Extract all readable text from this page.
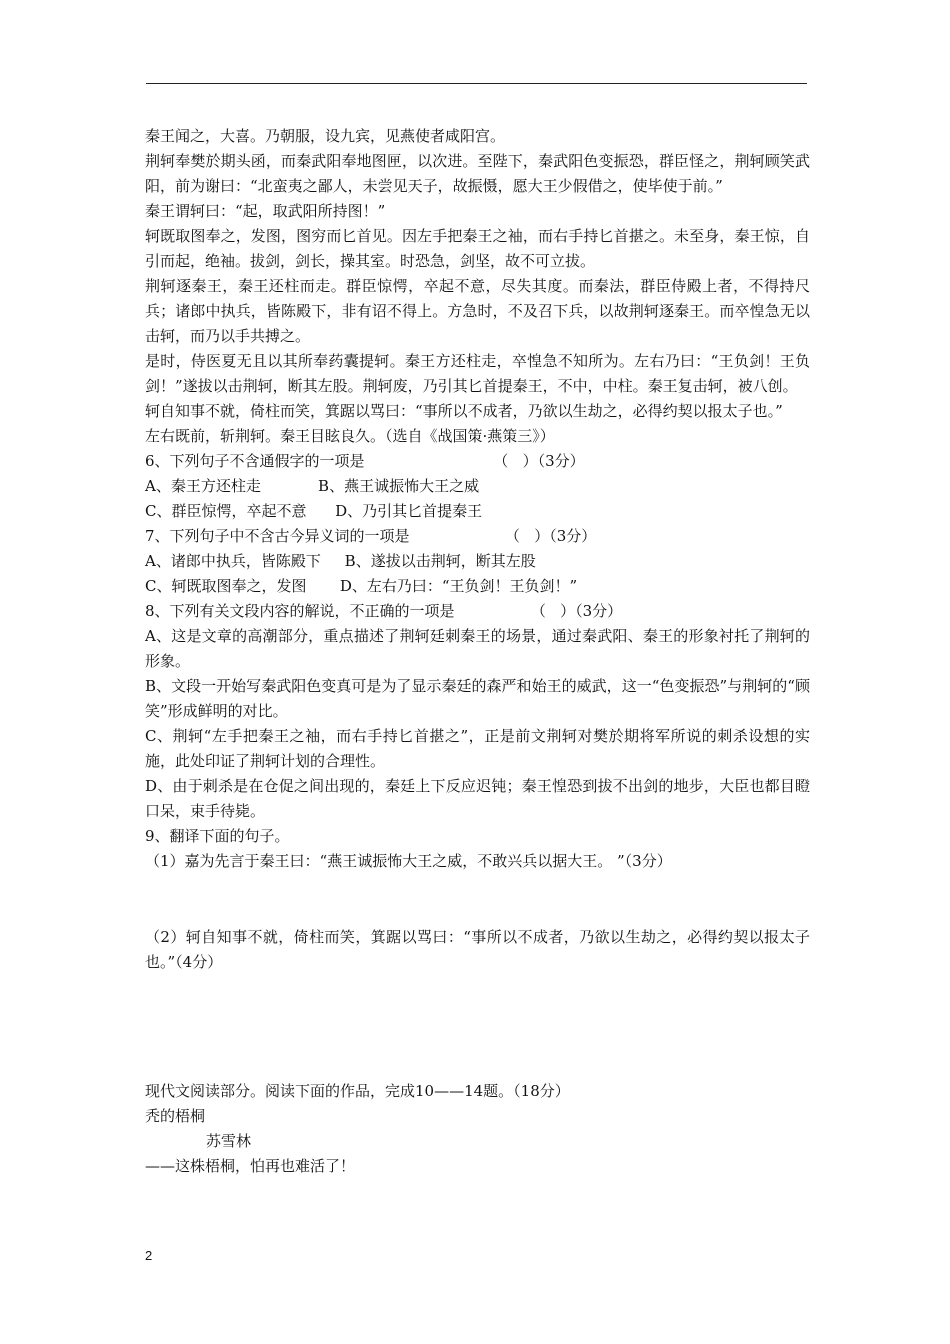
秦王闻之，大喜。乃朝服，设九宾，见燕使者咸阳宫。

荆轲奉樊於期头函，而秦武阳奉地图匣，以次进。至陛下，秦武阳色变振恐，群臣怪之，荆轲顾笑武阳，前为谢曰：“北蛮夷之鄙人，未尝见天子，故振慑，愿大王少假借之，使毕使于前。”

秦王谓轲曰：“起，取武阳所持图！”

轲既取图奉之，发图，图穷而匕首见。因左手把秦王之袖，而右手持匕首揕之。未至身，秦王惊，自引而起，绝袖。拔剑，剑长，操其室。时恐急，剑坚，故不可立拔。

荆轲逐秦王，秦王还柱而走。群臣惊愕，卒起不意，尽失其度。而秦法，群臣侍殿上者，不得持尺兵；诸郎中执兵，皆陈殿下，非有诏不得上。方急时，不及召下兵，以故荆轲逐秦王。而卒惶急无以击轲，而乃以手共搏之。

是时，侍医夏无且以其所奉药囊提轲。秦王方还柱走，卒惶急不知所为。左右乃曰：“王负剑！王负剑！”遂拔以击荆轲，断其左股。荆轲废，乃引其匕首提秦王，不中，中柱。秦王复击轲，被八创。

轲自知事不就，倚柱而笑，箕踞以骂曰：“事所以不成者，乃欲以生劫之，必得约契以报太子也。”

左右既前，斩荆轲。秦王目眩良久。（选自《战国策·燕策三》）

6、下列句子不含通假字的一项是                           （   ）（3分）

A、秦王方还柱走            B、燕王诚振怖大王之威

C、群臣惊愕，卒起不意      D、乃引其匕首提秦王

7、下列句子中不含古今异义词的一项是                    （   ）（3分）

A、诸郎中执兵，皆陈殿下     B、遂拔以击荆轲，断其左股

C、轲既取图奉之，发图       D、左右乃曰：“王负剑！王负剑！”

8、下列有关文段内容的解说，不正确的一项是                （   ）（3分）

A、这是文章的高潮部分，重点描述了荆轲廷刺秦王的场景，通过秦武阳、秦王的形象衬托了荆轲的形象。

B、文段一开始写秦武阳色变真可是为了显示秦廷的森严和始王的威武，这一“色变振恐”与荆轲的“顾笑”形成鲜明的对比。

C、荆轲“左手把秦王之袖，而右手持匕首揕之”，正是前文荆轲对樊於期将军所说的刺杀设想的实施，此处印证了荆轲计划的合理性。

D、由于刺杀是在仓促之间出现的，秦廷上下反应迟钝；秦王惶恐到拔不出剑的地步，大臣也都目瞪口呆，束手待毙。

9、翻译下面的句子。

（1）嘉为先言于秦王曰：“燕王诚振怖大王之威，不敢兴兵以据大王。 ”（3分）

（2）轲自知事不就，倚柱而笑，箕踞以骂曰：“事所以不成者，乃欲以生劫之，必得约契以报太子也。”（4分）

现代文阅读部分。阅读下面的作品，完成10——14题。（18分）

秃的梧桐

苏雪林

——这株梧桐，怕再也难活了！

2
